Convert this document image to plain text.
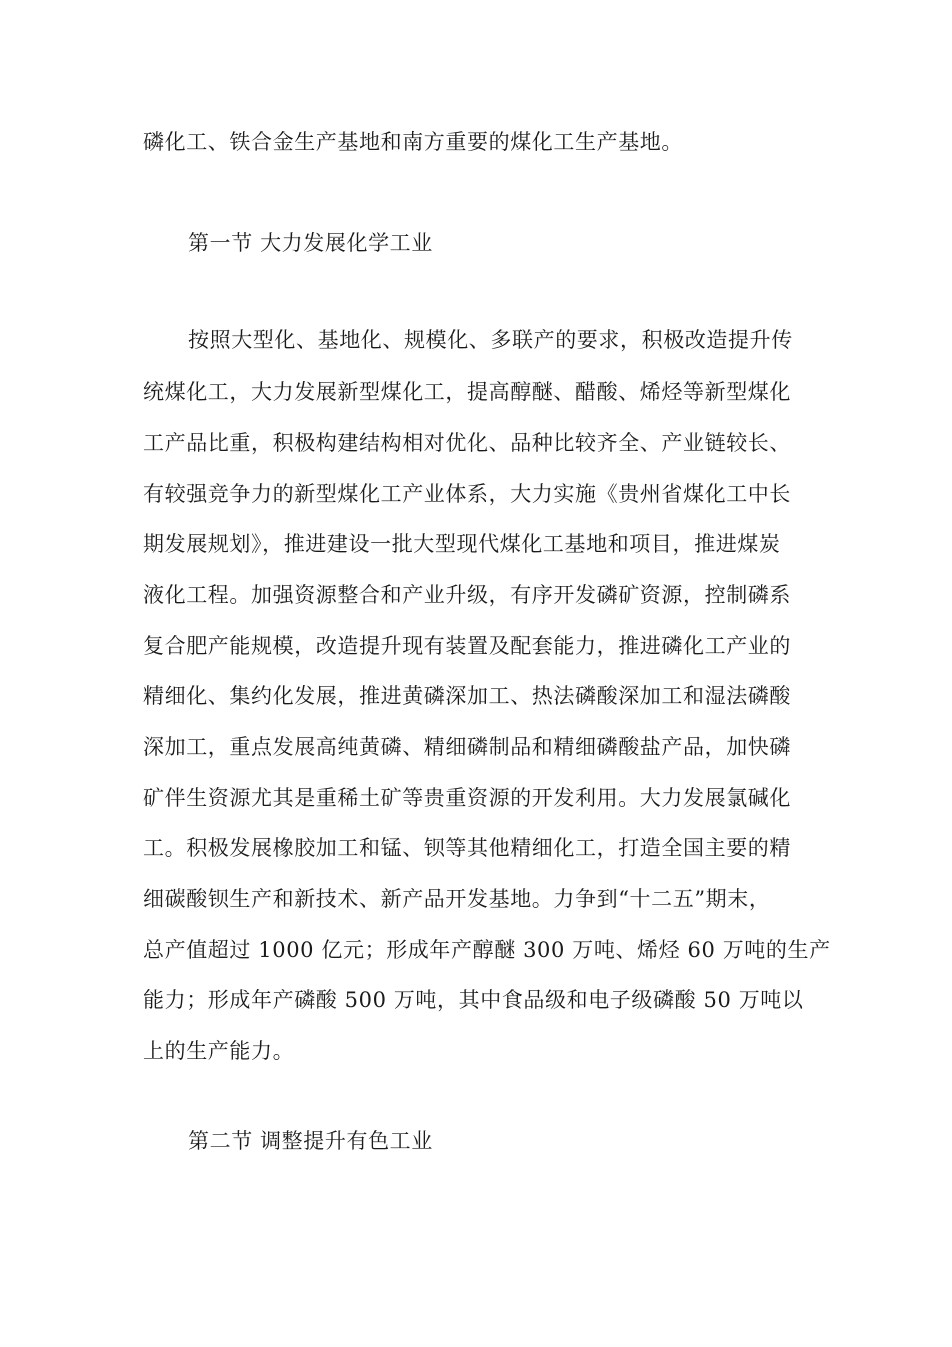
磷化工、铁合金生产基地和南方重要的煤化工生产基地。
第一节 大力发展化学工业
按照大型化、基地化、规模化、多联产的要求，积极改造提升传
统煤化工，大力发展新型煤化工，提高醇醚、醋酸、烯烃等新型煤化
工产品比重，积极构建结构相对优化、品种比较齐全、产业链较长、
有较强竞争力的新型煤化工产业体系，大力实施《贵州省煤化工中长
期发展规划》，推进建设一批大型现代煤化工基地和项目，推进煤炭
液化工程。加强资源整合和产业升级，有序开发磷矿资源，控制磷系
复合肥产能规模，改造提升现有装置及配套能力，推进磷化工产业的
精细化、集约化发展，推进黄磷深加工、热法磷酸深加工和湿法磷酸
深加工，重点发展高纯黄磷、精细磷制品和精细磷酸盐产品，加快磷
矿伴生资源尤其是重稀土矿等贵重资源的开发利用。大力发展氯碱化
工。积极发展橡胶加工和锰、钡等其他精细化工，打造全国主要的精
细碳酸钡生产和新技术、新产品开发基地。力争到“十二五”期末，
总产值超过 1000 亿元；形成年产醇醚 300 万吨、烯烃 60 万吨的生产
能力；形成年产磷酸 500 万吨，其中食品级和电子级磷酸 50 万吨以
上的生产能力。
第二节 调整提升有色工业
